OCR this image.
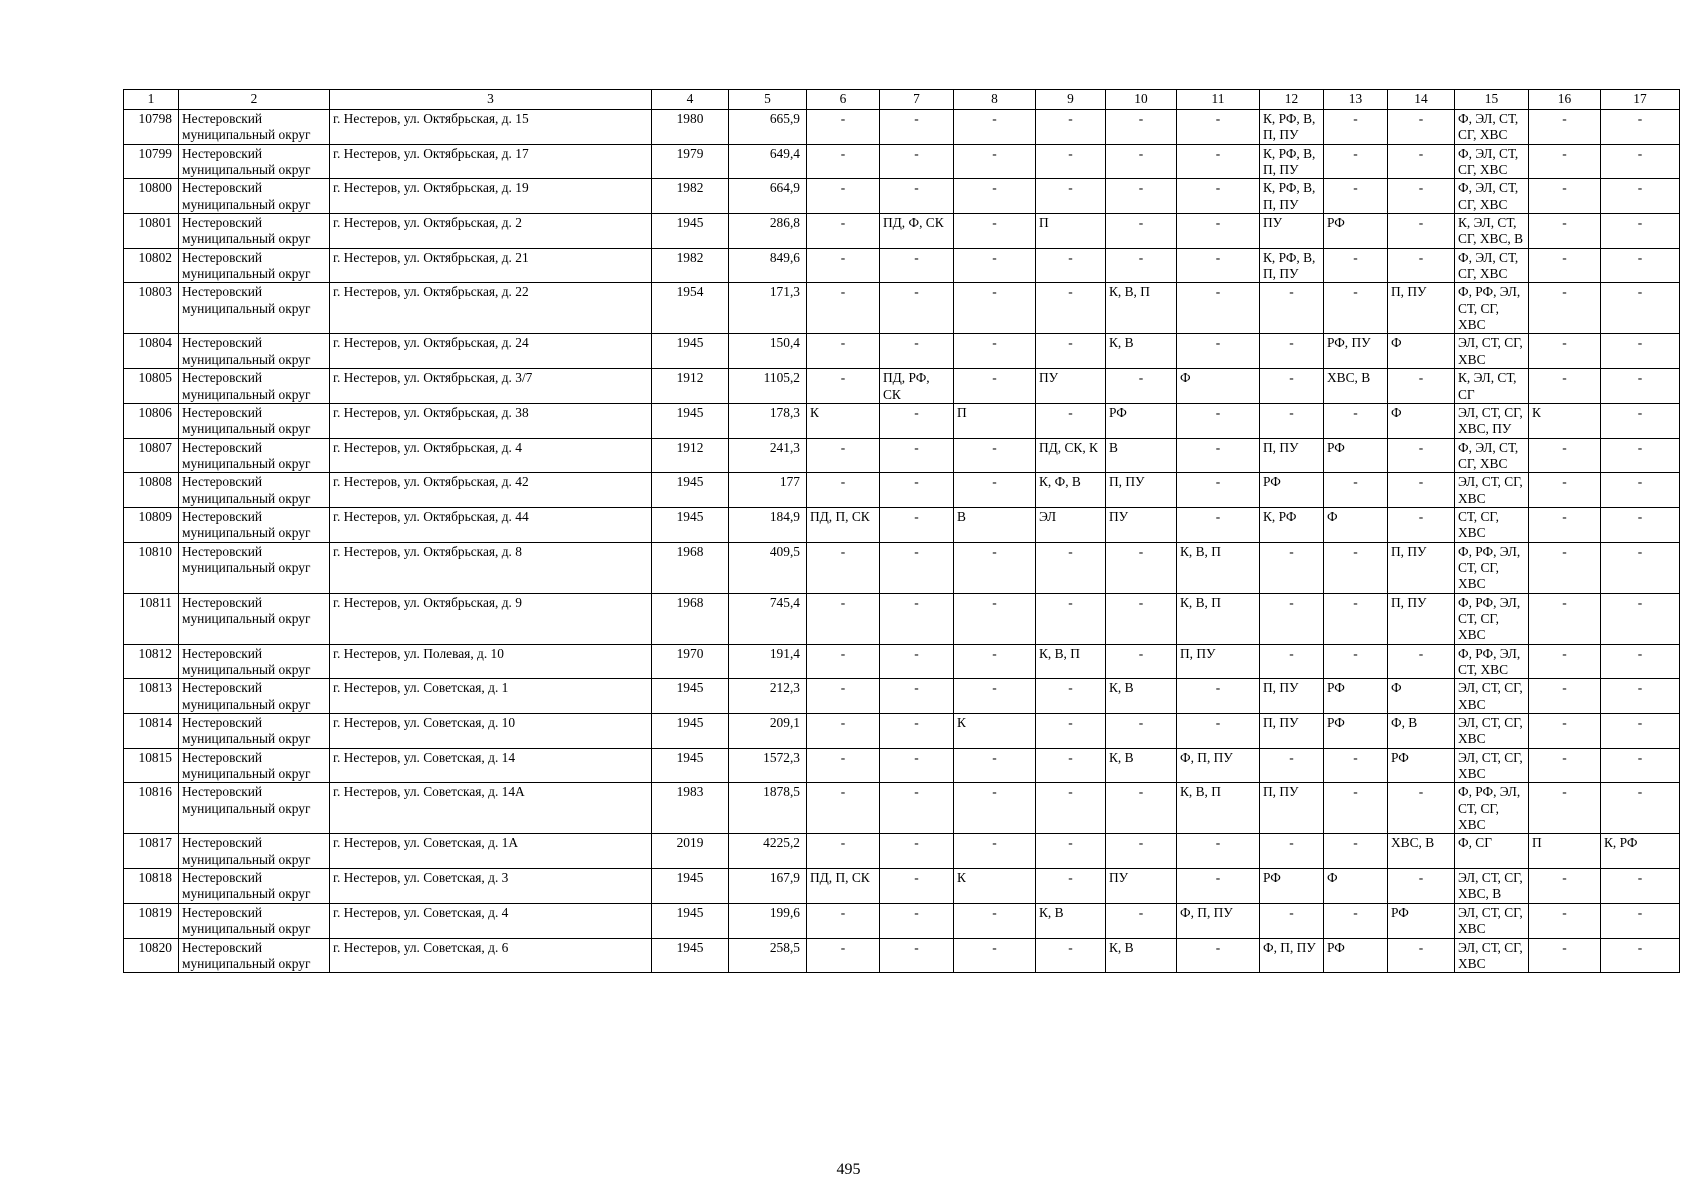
1	2	3	4	5	6	7	8	9	10	11	12	13	14	15	16	17
10798	Нестеровский муниципальный округ	г. Нестеров, ул. Октябрьская, д. 15	1980	665,9	-	-	-	-	-	-	К, РФ, В, П, ПУ	-	-	Ф, ЭЛ, СТ, СГ, ХВС	-	-
10799	Нестеровский муниципальный округ	г. Нестеров, ул. Октябрьская, д. 17	1979	649,4	-	-	-	-	-	-	К, РФ, В, П, ПУ	-	-	Ф, ЭЛ, СТ, СГ, ХВС	-	-
10800	Нестеровский муниципальный округ	г. Нестеров, ул. Октябрьская, д. 19	1982	664,9	-	-	-	-	-	-	К, РФ, В, П, ПУ	-	-	Ф, ЭЛ, СТ, СГ, ХВС	-	-
10801	Нестеровский муниципальный округ	г. Нестеров, ул. Октябрьская, д. 2	1945	286,8	-	ПД, Ф, СК	-	П	-	-	ПУ	РФ	-	К, ЭЛ, СТ, СГ, ХВС, В	-	-
10802	Нестеровский муниципальный округ	г. Нестеров, ул. Октябрьская, д. 21	1982	849,6	-	-	-	-	-	-	К, РФ, В, П, ПУ	-	-	Ф, ЭЛ, СТ, СГ, ХВС	-	-
10803	Нестеровский муниципальный округ	г. Нестеров, ул. Октябрьская, д. 22	1954	171,3	-	-	-	-	К, В, П	-	-	-	П, ПУ	Ф, РФ, ЭЛ, СТ, СГ, ХВС	-	-
10804	Нестеровский муниципальный округ	г. Нестеров, ул. Октябрьская, д. 24	1945	150,4	-	-	-	-	К, В	-	-	РФ, ПУ	Ф	ЭЛ, СТ, СГ, ХВС	-	-
10805	Нестеровский муниципальный округ	г. Нестеров, ул. Октябрьская, д. 3/7	1912	1105,2	-	ПД, РФ, СК	-	ПУ	-	Ф	-	ХВС, В	-	К, ЭЛ, СТ, СГ	-	-
10806	Нестеровский муниципальный округ	г. Нестеров, ул. Октябрьская, д. 38	1945	178,3	К	-	П	-	РФ	-	-	-	Ф	ЭЛ, СТ, СГ, ХВС, ПУ	К	-
10807	Нестеровский муниципальный округ	г. Нестеров, ул. Октябрьская, д. 4	1912	241,3	-	-	-	ПД, СК, К	В	-	П, ПУ	РФ	-	Ф, ЭЛ, СТ, СГ, ХВС	-	-
10808	Нестеровский муниципальный округ	г. Нестеров, ул. Октябрьская, д. 42	1945	177	-	-	-	К, Ф, В	П, ПУ	-	РФ	-	-	ЭЛ, СТ, СГ, ХВС	-	-
10809	Нестеровский муниципальный округ	г. Нестеров, ул. Октябрьская, д. 44	1945	184,9	ПД, П, СК	-	В	ЭЛ	ПУ	-	К, РФ	Ф	-	СТ, СГ, ХВС	-	-
10810	Нестеровский муниципальный округ	г. Нестеров, ул. Октябрьская, д. 8	1968	409,5	-	-	-	-	-	К, В, П	-	-	П, ПУ	Ф, РФ, ЭЛ, СТ, СГ, ХВС	-	-
10811	Нестеровский муниципальный округ	г. Нестеров, ул. Октябрьская, д. 9	1968	745,4	-	-	-	-	-	К, В, П	-	-	П, ПУ	Ф, РФ, ЭЛ, СТ, СГ, ХВС	-	-
10812	Нестеровский муниципальный округ	г. Нестеров, ул. Полевая, д. 10	1970	191,4	-	-	-	К, В, П	-	П, ПУ	-	-	-	Ф, РФ, ЭЛ, СТ, ХВС	-	-
10813	Нестеровский муниципальный округ	г. Нестеров, ул. Советская, д. 1	1945	212,3	-	-	-	-	К, В	-	П, ПУ	РФ	Ф	ЭЛ, СТ, СГ, ХВС	-	-
10814	Нестеровский муниципальный округ	г. Нестеров, ул. Советская, д. 10	1945	209,1	-	-	К	-	-	-	П, ПУ	РФ	Ф, В	ЭЛ, СТ, СГ, ХВС	-	-
10815	Нестеровский муниципальный округ	г. Нестеров, ул. Советская, д. 14	1945	1572,3	-	-	-	-	К, В	Ф, П, ПУ	-	-	РФ	ЭЛ, СТ, СГ, ХВС	-	-
10816	Нестеровский муниципальный округ	г. Нестеров, ул. Советская, д. 14А	1983	1878,5	-	-	-	-	-	К, В, П	П, ПУ	-	-	Ф, РФ, ЭЛ, СТ, СГ, ХВС	-	-
10817	Нестеровский муниципальный округ	г. Нестеров, ул. Советская, д. 1А	2019	4225,2	-	-	-	-	-	-	-	-	ХВС, В	Ф, СГ	П	К, РФ
10818	Нестеровский муниципальный округ	г. Нестеров, ул. Советская, д. 3	1945	167,9	ПД, П, СК	-	К	-	ПУ	-	РФ	Ф	-	ЭЛ, СТ, СГ, ХВС, В	-	-
10819	Нестеровский муниципальный округ	г. Нестеров, ул. Советская, д. 4	1945	199,6	-	-	-	К, В	-	Ф, П, ПУ	-	-	РФ	ЭЛ, СТ, СГ, ХВС	-	-
10820	Нестеровский муниципальный округ	г. Нестеров, ул. Советская, д. 6	1945	258,5	-	-	-	-	К, В	-	Ф, П, ПУ	РФ	-	ЭЛ, СТ, СГ, ХВС	-	-
495
